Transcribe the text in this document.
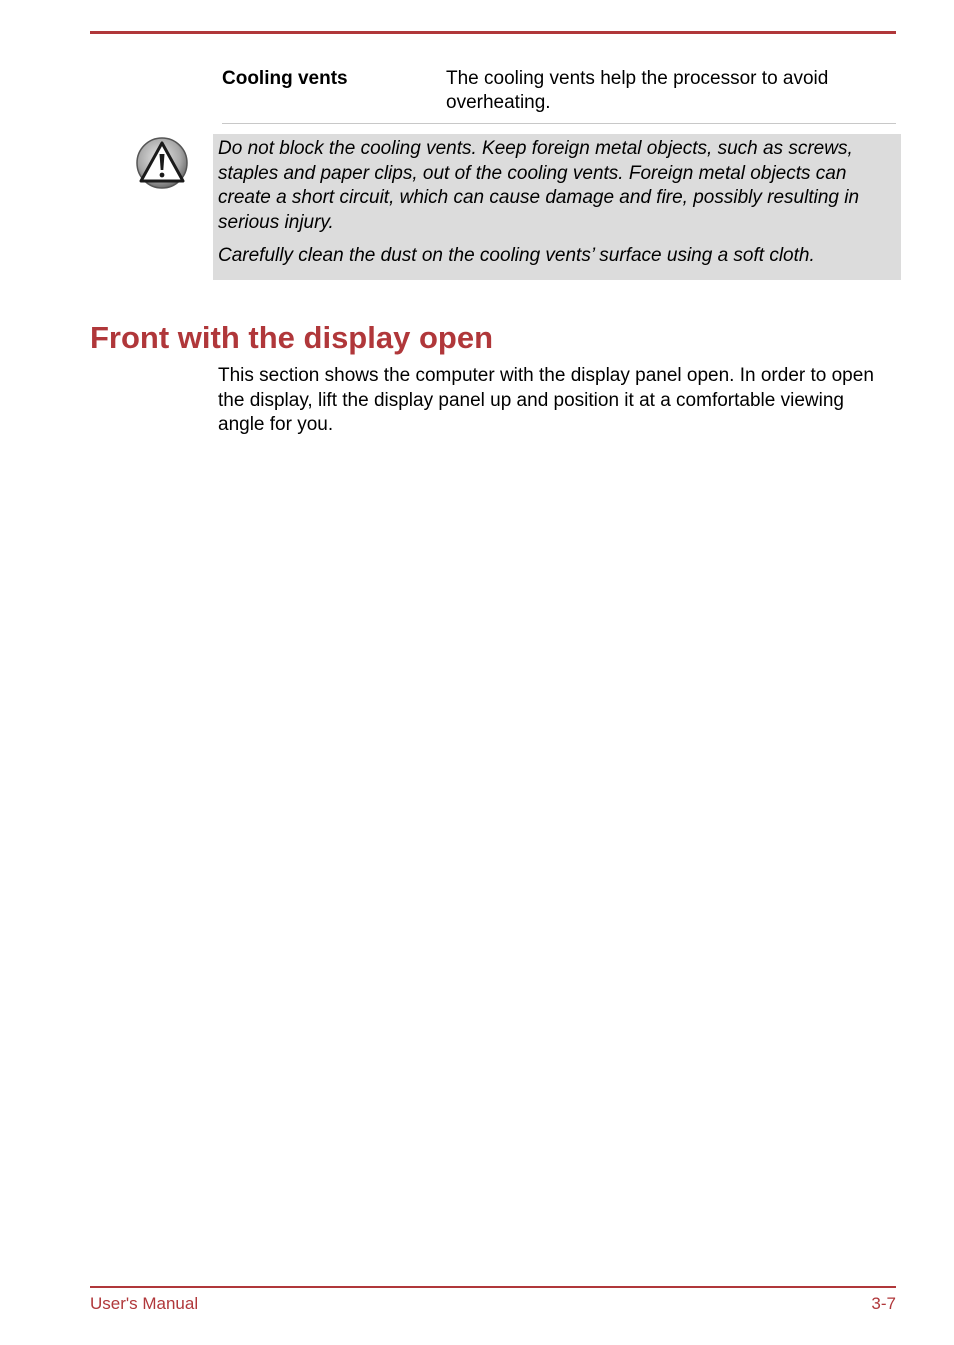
Cooling vents	The cooling vents help the processor to avoid overheating.

Do not block the cooling vents. Keep foreign metal objects, such as screws, staples and paper clips, out of the cooling vents. Foreign metal objects can create a short circuit, which can cause damage and fire, possibly resulting in serious injury.

Carefully clean the dust on the cooling vents’ surface using a soft cloth.

Front with the display open

This section shows the computer with the display panel open. In order to open the display, lift the display panel up and position it at a comfortable viewing angle for you.

User's Manual	3-7
